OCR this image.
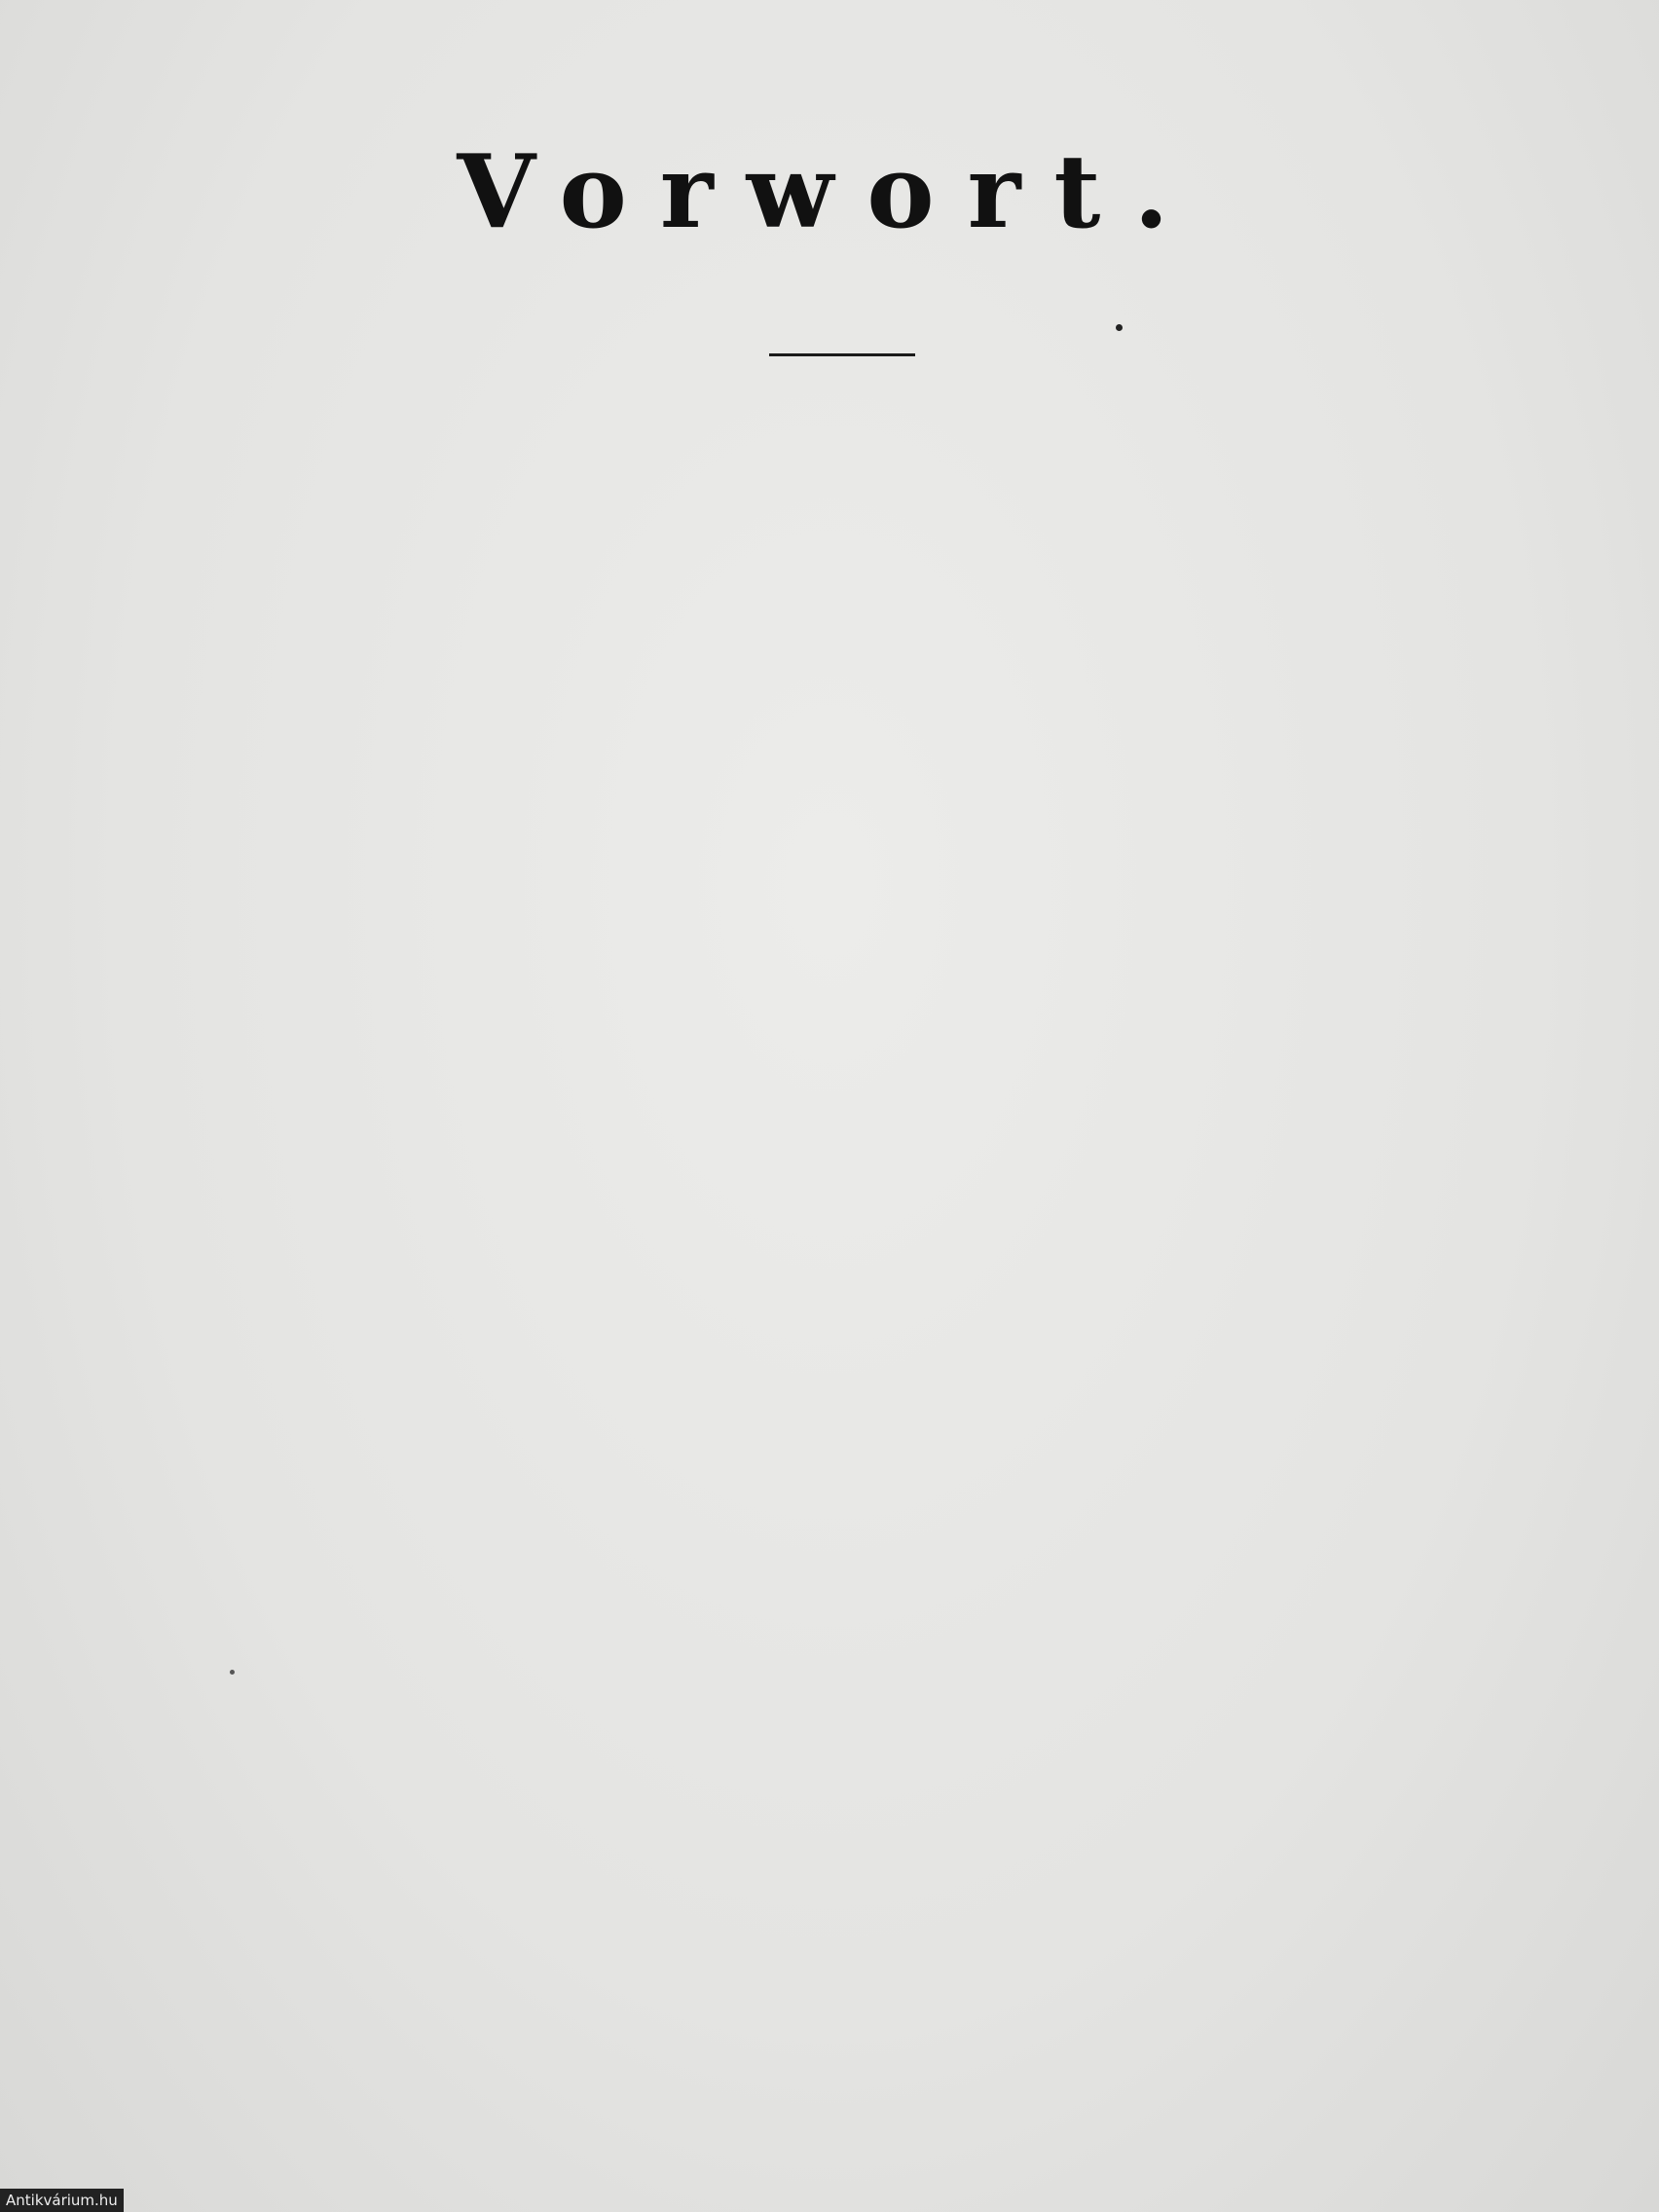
Vorwort.
Antikvárium.hu
